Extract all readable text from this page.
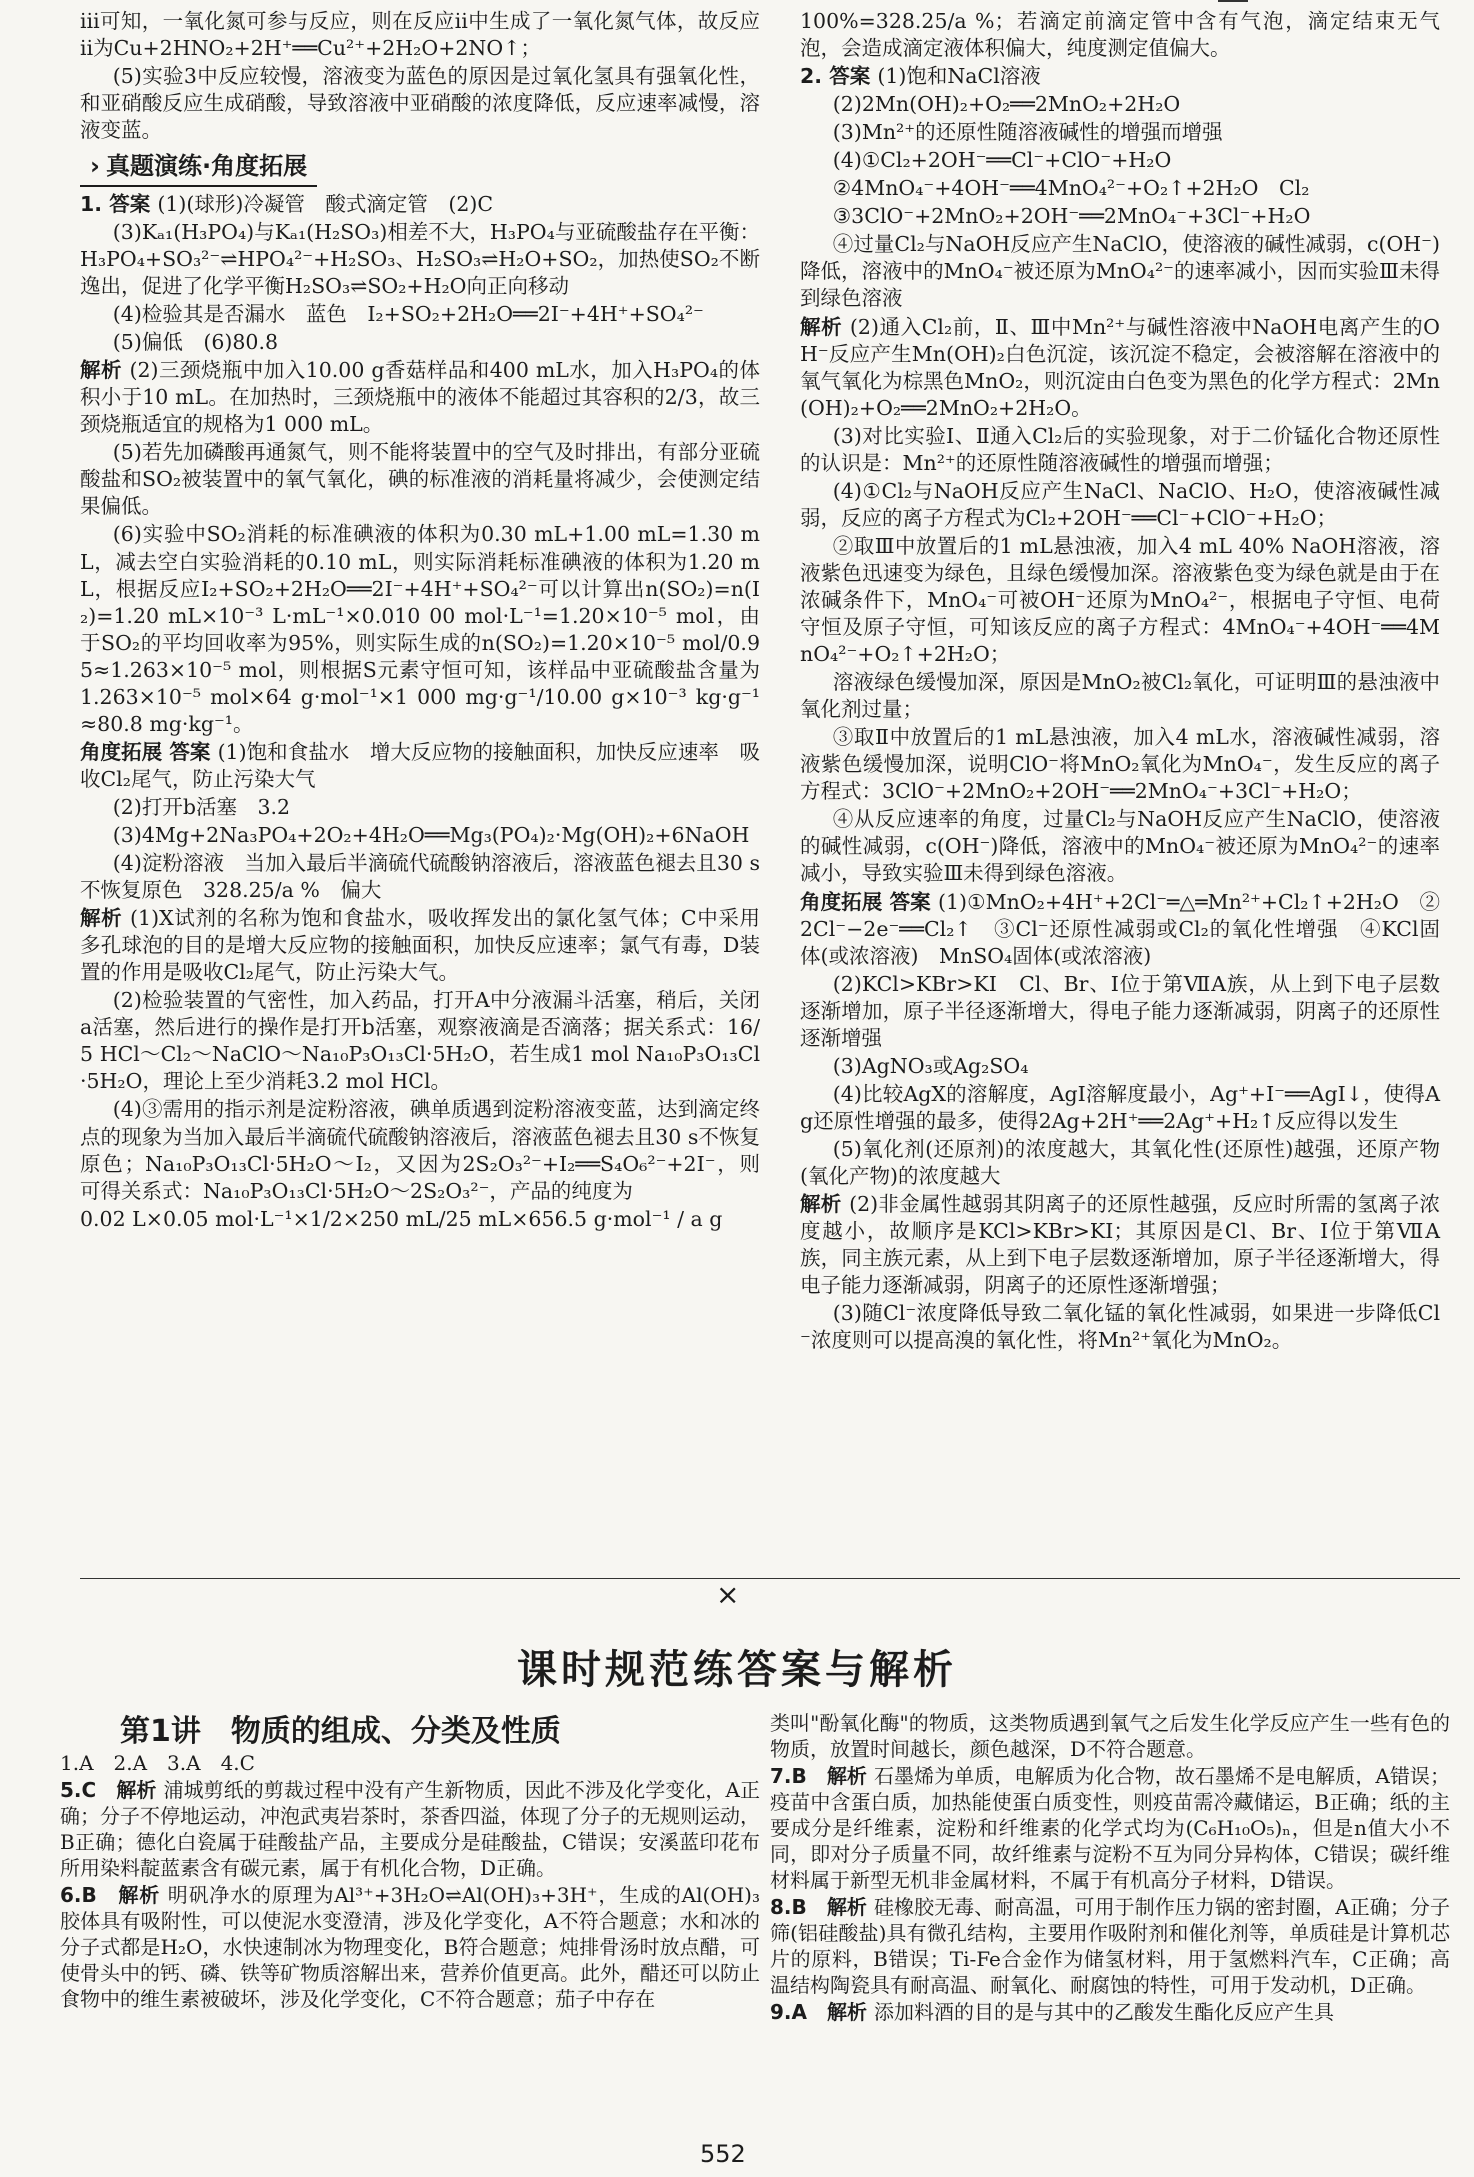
ⅲ可知，一氧化氮可参与反应，则在反应ⅱ中生成了一氧化氮气体，故反应ⅱ为Cu+2HNO₂+2H⁺══Cu²⁺+2H₂O+2NO↑；

(5)实验3中反应较慢，溶液变为蓝色的原因是过氧化氢具有强氧化性，和亚硝酸反应生成硝酸，导致溶液中亚硝酸的浓度降低，反应速率减慢，溶液变蓝。

› 真题演练·角度拓展

1. 答案 (1)(球形)冷凝管　酸式滴定管　(2)C

(3)Kₐ₁(H₃PO₄)与Kₐ₁(H₂SO₃)相差不大，H₃PO₄与亚硫酸盐存在平衡：H₃PO₄+SO₃²⁻⇌HPO₄²⁻+H₂SO₃、H₂SO₃⇌H₂O+SO₂，加热使SO₂不断逸出，促进了化学平衡H₂SO₃⇌SO₂+H₂O向正向移动

(4)检验其是否漏水　蓝色　I₂+SO₂+2H₂O══2I⁻+4H⁺+SO₄²⁻

(5)偏低　(6)80.8

解析 (2)三颈烧瓶中加入10.00 g香菇样品和400 mL水，加入H₃PO₄的体积小于10 mL。在加热时，三颈烧瓶中的液体不能超过其容积的2/3，故三颈烧瓶适宜的规格为1 000 mL。

(5)若先加磷酸再通氮气，则不能将装置中的空气及时排出，有部分亚硫酸盐和SO₂被装置中的氧气氧化，碘的标准液的消耗量将减少，会使测定结果偏低。

(6)实验中SO₂消耗的标准碘液的体积为0.30 mL+1.00 mL=1.30 mL，减去空白实验消耗的0.10 mL，则实际消耗标准碘液的体积为1.20 mL，根据反应I₂+SO₂+2H₂O══2I⁻+4H⁺+SO₄²⁻可以计算出n(SO₂)=n(I₂)=1.20 mL×10⁻³ L·mL⁻¹×0.010 00 mol·L⁻¹=1.20×10⁻⁵ mol，由于SO₂的平均回收率为95%，则实际生成的n(SO₂)=1.20×10⁻⁵ mol/0.95≈1.263×10⁻⁵ mol，则根据S元素守恒可知，该样品中亚硫酸盐含量为1.263×10⁻⁵ mol×64 g·mol⁻¹×1 000 mg·g⁻¹/10.00 g×10⁻³ kg·g⁻¹≈80.8 mg·kg⁻¹。

角度拓展 答案 (1)饱和食盐水　增大反应物的接触面积，加快反应速率　吸收Cl₂尾气，防止污染大气

(2)打开b活塞　3.2

(3)4Mg+2Na₃PO₄+2O₂+4H₂O══Mg₃(PO₄)₂·Mg(OH)₂+6NaOH

(4)淀粉溶液　当加入最后半滴硫代硫酸钠溶液后，溶液蓝色褪去且30 s不恢复原色　328.25/a %　偏大

解析 (1)X试剂的名称为饱和食盐水，吸收挥发出的氯化氢气体；C中采用多孔球泡的目的是增大反应物的接触面积，加快反应速率；氯气有毒，D装置的作用是吸收Cl₂尾气，防止污染大气。

(2)检验装置的气密性，加入药品，打开A中分液漏斗活塞，稍后，关闭a活塞，然后进行的操作是打开b活塞，观察液滴是否滴落；据关系式：16/5 HCl～Cl₂～NaClO～Na₁₀P₃O₁₃Cl·5H₂O，若生成1 mol Na₁₀P₃O₁₃Cl·5H₂O，理论上至少消耗3.2 mol HCl。

(4)③需用的指示剂是淀粉溶液，碘单质遇到淀粉溶液变蓝，达到滴定终点的现象为当加入最后半滴硫代硫酸钠溶液后，溶液蓝色褪去且30 s不恢复原色；Na₁₀P₃O₁₃Cl·5H₂O～I₂，又因为2S₂O₃²⁻+I₂══S₄O₆²⁻+2I⁻，则可得关系式：Na₁₀P₃O₁₃Cl·5H₂O～2S₂O₃²⁻，产品的纯度为

0.02 L×0.05 mol·L⁻¹×1/2×250 mL/25 mL×656.5 g·mol⁻¹ / a g

100%=328.25/a %；若滴定前滴定管中含有气泡，滴定结束无气泡，会造成滴定液体积偏大，纯度测定值偏大。

2. 答案 (1)饱和NaCl溶液

(2)2Mn(OH)₂+O₂══2MnO₂+2H₂O

(3)Mn²⁺的还原性随溶液碱性的增强而增强

(4)①Cl₂+2OH⁻══Cl⁻+ClO⁻+H₂O

②4MnO₄⁻+4OH⁻══4MnO₄²⁻+O₂↑+2H₂O　Cl₂

③3ClO⁻+2MnO₂+2OH⁻══2MnO₄⁻+3Cl⁻+H₂O

④过量Cl₂与NaOH反应产生NaClO，使溶液的碱性减弱，c(OH⁻)降低，溶液中的MnO₄⁻被还原为MnO₄²⁻的速率减小，因而实验Ⅲ未得到绿色溶液

解析 (2)通入Cl₂前，Ⅱ、Ⅲ中Mn²⁺与碱性溶液中NaOH电离产生的OH⁻反应产生Mn(OH)₂白色沉淀，该沉淀不稳定，会被溶解在溶液中的氧气氧化为棕黑色MnO₂，则沉淀由白色变为黑色的化学方程式：2Mn(OH)₂+O₂══2MnO₂+2H₂O。

(3)对比实验Ⅰ、Ⅱ通入Cl₂后的实验现象，对于二价锰化合物还原性的认识是：Mn²⁺的还原性随溶液碱性的增强而增强；

(4)①Cl₂与NaOH反应产生NaCl、NaClO、H₂O，使溶液碱性减弱，反应的离子方程式为Cl₂+2OH⁻══Cl⁻+ClO⁻+H₂O；

②取Ⅲ中放置后的1 mL悬浊液，加入4 mL 40% NaOH溶液，溶液紫色迅速变为绿色，且绿色缓慢加深。溶液紫色变为绿色就是由于在浓碱条件下，MnO₄⁻可被OH⁻还原为MnO₄²⁻，根据电子守恒、电荷守恒及原子守恒，可知该反应的离子方程式：4MnO₄⁻+4OH⁻══4MnO₄²⁻+O₂↑+2H₂O；

溶液绿色缓慢加深，原因是MnO₂被Cl₂氧化，可证明Ⅲ的悬浊液中氧化剂过量；

③取Ⅱ中放置后的1 mL悬浊液，加入4 mL水，溶液碱性减弱，溶液紫色缓慢加深，说明ClO⁻将MnO₂氧化为MnO₄⁻，发生反应的离子方程式：3ClO⁻+2MnO₂+2OH⁻══2MnO₄⁻+3Cl⁻+H₂O；

④从反应速率的角度，过量Cl₂与NaOH反应产生NaClO，使溶液的碱性减弱，c(OH⁻)降低，溶液中的MnO₄⁻被还原为MnO₄²⁻的速率减小，导致实验Ⅲ未得到绿色溶液。

角度拓展 答案 (1)①MnO₂+4H⁺+2Cl⁻═△═Mn²⁺+Cl₂↑+2H₂O　②2Cl⁻−2e⁻══Cl₂↑　③Cl⁻还原性减弱或Cl₂的氧化性增强　④KCl固体(或浓溶液)　MnSO₄固体(或浓溶液)

(2)KCl>KBr>KI　Cl、Br、I位于第ⅦA族，从上到下电子层数逐渐增加，原子半径逐渐增大，得电子能力逐渐减弱，阴离子的还原性逐渐增强

(3)AgNO₃或Ag₂SO₄

(4)比较AgX的溶解度，AgI溶解度最小，Ag⁺+I⁻══AgI↓，使得Ag还原性增强的最多，使得2Ag+2H⁺══2Ag⁺+H₂↑反应得以发生

(5)氧化剂(还原剂)的浓度越大，其氧化性(还原性)越强，还原产物(氧化产物)的浓度越大

解析 (2)非金属性越弱其阴离子的还原性越强，反应时所需的氢离子浓度越小，故顺序是KCl>KBr>KI；其原因是Cl、Br、I位于第ⅦA族，同主族元素，从上到下电子层数逐渐增加，原子半径逐渐增大，得电子能力逐渐减弱，阴离子的还原性逐渐增强；

(3)随Cl⁻浓度降低导致二氧化锰的氧化性减弱，如果进一步降低Cl⁻浓度则可以提高溴的氧化性，将Mn²⁺氧化为MnO₂。

×
课时规范练答案与解析
第1讲　物质的组成、分类及性质

1.A　2.A　3.A　4.C

5.C　解析 浦城剪纸的剪裁过程中没有产生新物质，因此不涉及化学变化，A正确；分子不停地运动，冲泡武夷岩茶时，茶香四溢，体现了分子的无规则运动，B正确；德化白瓷属于硅酸盐产品，主要成分是硅酸盐，C错误；安溪蓝印花布所用染料靛蓝素含有碳元素，属于有机化合物，D正确。

6.B　解析 明矾净水的原理为Al³⁺+3H₂O⇌Al(OH)₃+3H⁺，生成的Al(OH)₃胶体具有吸附性，可以使泥水变澄清，涉及化学变化，A不符合题意；水和冰的分子式都是H₂O，水快速制冰为物理变化，B符合题意；炖排骨汤时放点醋，可使骨头中的钙、磷、铁等矿物质溶解出来，营养价值更高。此外，醋还可以防止食物中的维生素被破坏，涉及化学变化，C不符合题意；茄子中存在

类叫"酚氧化酶"的物质，这类物质遇到氧气之后发生化学反应产生一些有色的物质，放置时间越长，颜色越深，D不符合题意。

7.B　解析 石墨烯为单质，电解质为化合物，故石墨烯不是电解质，A错误；疫苗中含蛋白质，加热能使蛋白质变性，则疫苗需冷藏储运，B正确；纸的主要成分是纤维素，淀粉和纤维素的化学式均为(C₆H₁₀O₅)ₙ，但是n值大小不同，即对分子质量不同，故纤维素与淀粉不互为同分异构体，C错误；碳纤维材料属于新型无机非金属材料，不属于有机高分子材料，D错误。

8.B　解析 硅橡胶无毒、耐高温，可用于制作压力锅的密封圈，A正确；分子筛(铝硅酸盐)具有微孔结构，主要用作吸附剂和催化剂等，单质硅是计算机芯片的原料，B错误；Ti-Fe合金作为储氢材料，用于氢燃料汽车，C正确；高温结构陶瓷具有耐高温、耐氧化、耐腐蚀的特性，可用于发动机，D正确。

9.A　解析 添加料酒的目的是与其中的乙酸发生酯化反应产生具

552
